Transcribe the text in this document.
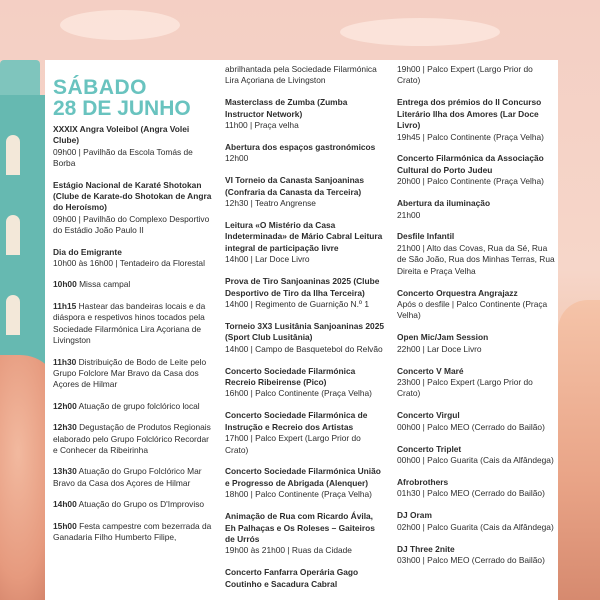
SÁBADO
28 DE JUNHO
XXXIX Angra Voleibol (Angra Volei Clube)
09h00 | Pavilhão da Escola Tomás de Borba
Estágio Nacional de Karaté Shotokan (Clube de Karate-do Shotokan de Angra do Heroísmo)
09h00 | Pavilhão do Complexo Desportivo do Estádio João Paulo II
Dia do Emigrante
10h00 às 16h00 | Tentadeiro da Florestal
10h00 Missa campal
11h15 Hastear das bandeiras locais e da diáspora e respetivos hinos tocados pela Sociedade Filarmónica Lira Açoriana de Livingston
11h30 Distribuição de Bodo de Leite pelo Grupo Folclore Mar Bravo da Casa dos Açores de Hilmar
12h00 Atuação de grupo folclórico local
12h30 Degustação de Produtos Regionais elaborado pelo Grupo Folclórico Recordar e Conhecer da Ribeirinha
13h30 Atuação do Grupo Folclórico Mar Bravo da Casa dos Açores de Hilmar
14h00 Atuação do Grupo os D'Improviso
15h00 Festa campestre com bezerrada da Ganadaria Filho Humberto Filipe,
abrilhantada pela Sociedade Filarmónica Lira Açoriana de Livingston
Masterclass de Zumba (Zumba Instructor Network)
11h00 | Praça velha
Abertura dos espaços gastronómicos
12h00
VI Torneio da Canasta Sanjoaninas (Confraria da Canasta da Terceira)
12h30 | Teatro Angrense
Leitura «O Mistério da Casa Indeterminada» de Mário Cabral Leitura integral de participação livre
14h00 | Lar Doce Livro
Prova de Tiro Sanjoaninas 2025 (Clube Desportivo de Tiro da Ilha Terceira)
14h00 | Regimento de Guarnição N.º 1
Torneio 3X3 Lusitânia Sanjoaninas 2025 (Sport Club Lusitânia)
14h00 | Campo de Basquetebol do Relvão
Concerto Sociedade Filarmónica Recreio Ribeirense (Pico)
16h00 | Palco Continente (Praça Velha)
Concerto Sociedade Filarmónica de Instrução e Recreio dos Artistas
17h00 | Palco Expert (Largo Prior do Crato)
Concerto Sociedade Filarmónica União e Progresso de Abrigada (Alenquer)
18h00 | Palco Continente (Praça Velha)
Animação de Rua com Ricardo Ávila, Eh Palhaças e Os Roleses – Gaiteiros de Urrós
19h00 às 21h00 | Ruas da Cidade
Concerto Fanfarra Operária Gago Coutinho e Sacadura Cabral
19h00 | Palco Expert (Largo Prior do Crato)
Entrega dos prémios do II Concurso Literário Ilha dos Amores (Lar Doce Livro)
19h45 | Palco Continente (Praça Velha)
Concerto Filarmónica da Associação Cultural do Porto Judeu
20h00 | Palco Continente (Praça Velha)
Abertura da iluminação
21h00
Desfile Infantil
21h00 | Alto das Covas, Rua da Sé, Rua de São João, Rua dos Minhas Terras, Rua Direita e Praça Velha
Concerto Orquestra Angrajazz
Após o desfile | Palco Continente (Praça Velha)
Open Mic/Jam Session
22h00 | Lar Doce Livro
Concerto V Maré
23h00 | Palco Expert (Largo Prior do Crato)
Concerto Virgul
00h00 | Palco MEO (Cerrado do Bailão)
Concerto Triplet
00h00 | Palco Guarita (Cais da Alfândega)
Afrobrothers
01h30 | Palco MEO (Cerrado do Bailão)
DJ Oram
02h00 | Palco Guarita (Cais da Alfândega)
DJ Three 2nite
03h00 | Palco MEO (Cerrado do Bailão)
